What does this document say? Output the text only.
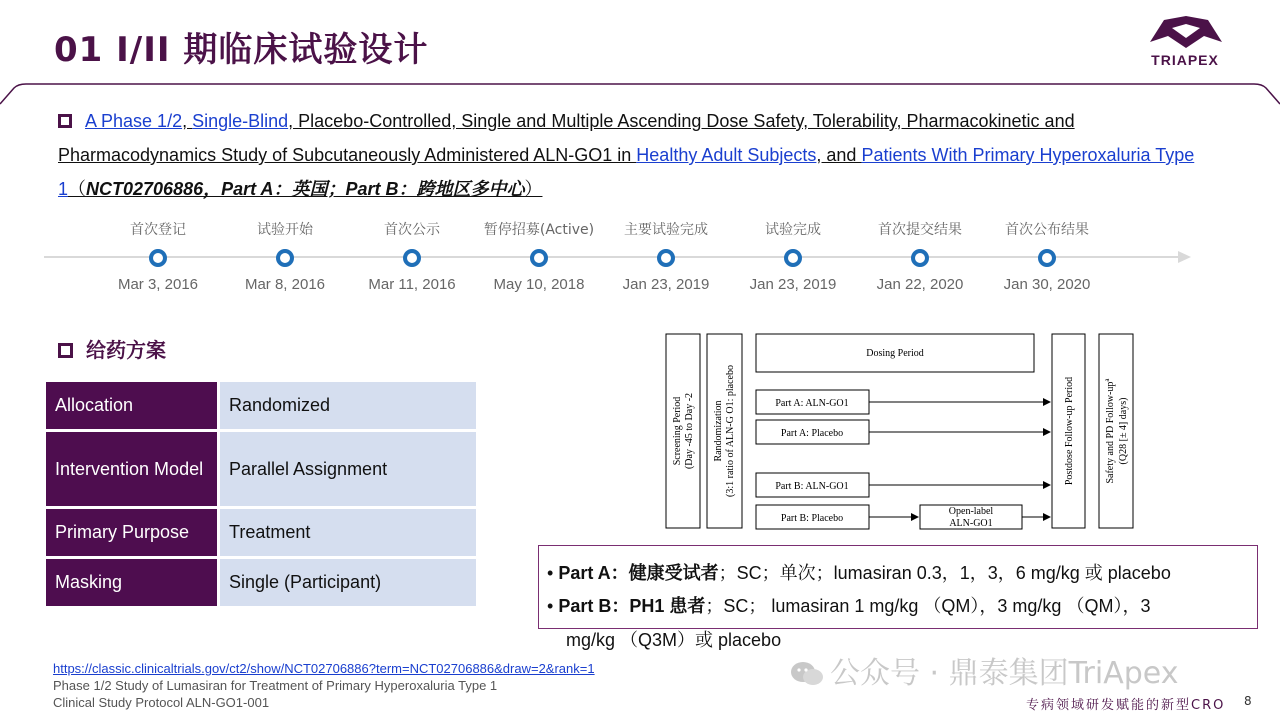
01 I/II 期临床试验设计	TRIAPEX
A Phase 1/2, Single-Blind, Placebo-Controlled, Single and Multiple Ascending Dose Safety, Tolerability, Pharmacokinetic and Pharmacodynamics Study of Subcutaneously Administered ALN-GO1 in Healthy Adult Subjects, and Patients With Primary Hyperoxaluria Type 1（NCT02706886，Part A：英国；Part B：跨地区多中心）
首次登记
Mar 3, 2016
试验开始
Mar 8, 2016
首次公示
Mar 11, 2016
暂停招募(Active)
May 10, 2018
主要试验完成
Jan 23, 2019
试验完成
Jan 23, 2019
首次提交结果
Jan 22, 2020
首次公布结果
Jan 30, 2020
给药方案
Allocation	Randomized
Intervention Model	Parallel Assignment
Primary Purpose	Treatment
Masking	Single (Participant)
Dosing Period
Part A: ALN-GO1
Part A: Placebo
Part B: ALN-GO1
Part B: Placebo
Open-label
ALN-GO1
Screening Period (Day -45 to Day -2 Randomization (3:1 ratio of ALN-G O1: placebo	Postdose Follow-up Period	Safety and PD Follow-$up^a$
(Q28 [± 4] days)
• Part A：健康受试者；SC；单次；lumasiran 0.3，1，3，6 mg/kg 或 placebo
• Part B：PH1 患者；SC； lumasiran 1 mg/kg （QM），3 mg/kg （QM），3
mg/kg （Q3M）或 placebo
https://classic.clinicaltrials.gov/ct2/show/NCT02706886?term=NCT02706886&draw=2&rank=1
Phase 1/2 Study of Lumasiran for Treatment of Primary Hyperoxaluria Type 1
Clinical Study Protocol ALN-GO1-001
公众号 · 鼎泰集团TriApex
专病领域研发赋能的新型CRO 8
